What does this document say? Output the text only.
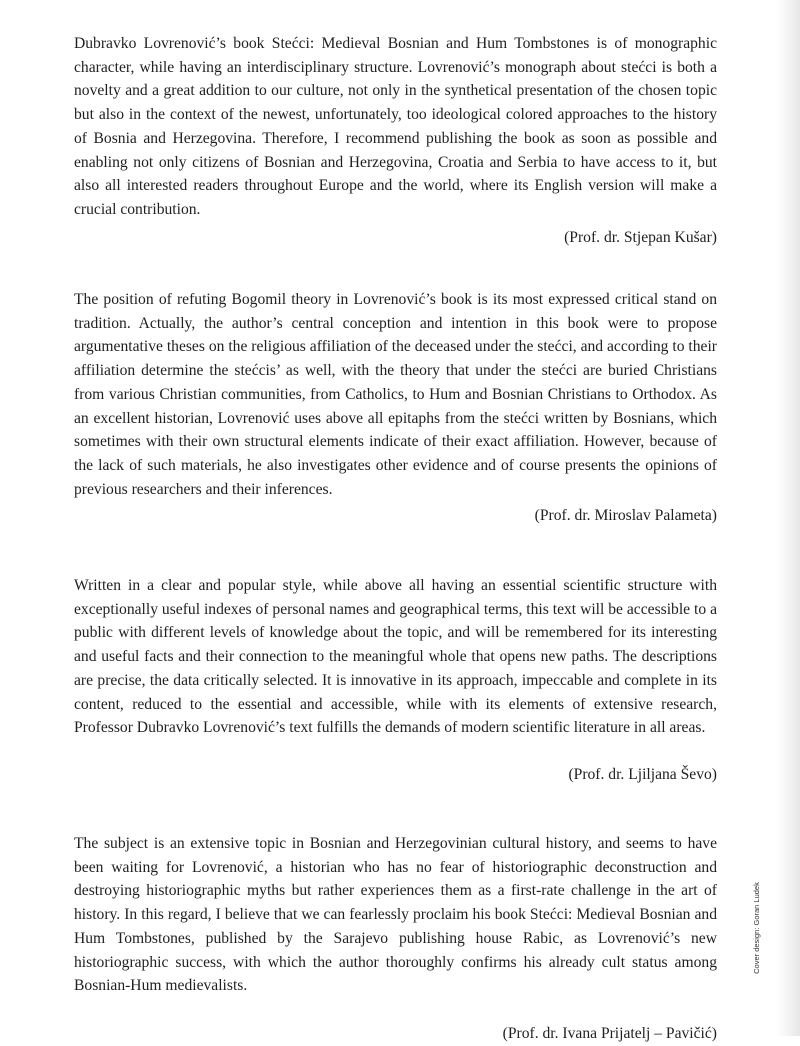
Dubravko Lovrenović’s book Stećci: Medieval Bosnian and Hum Tombstones is of monographic character, while having an interdisciplinary structure. Lovrenović’s monograph about stećci is both a novelty and a great addition to our culture, not only in the synthetical presentation of the chosen topic but also in the context of the newest, unfortunately, too ideological colored approaches to the history of Bosnia and Herzegovina. Therefore, I recommend publishing the book as soon as possible and enabling not only citizens of Bosnian and Herzegovina, Croatia and Serbia to have access to it, but also all interested readers throughout Europe and the world, where its English version will make a crucial contribution.

(Prof. dr. Stjepan Kušar)

The position of refuting Bogomil theory in Lovrenović’s book is its most expressed critical stand on tradition. Actually, the author’s central conception and intention in this book were to propose argumentative theses on the religious affiliation of the deceased under the stećci, and according to their affiliation determine the stećcis’ as well, with the theory that under the stećci are buried Christians from various Christian communities, from Catholics, to Hum and Bosnian Christians to Orthodox. As an excellent historian, Lovrenović uses above all epitaphs from the stećci written by Bosnians, which sometimes with their own structural elements indicate of their exact affiliation. However, because of the lack of such materials, he also investigates other evidence and of course presents the opinions of previous researchers and their inferences.

(Prof. dr. Miroslav Palameta)

Written in a clear and popular style, while above all having an essential scientific structure with exceptionally useful indexes of personal names and geographical terms, this text will be accessible to a public with different levels of knowledge about the topic, and will be remembered for its interesting and useful facts and their connection to the meaningful whole that opens new paths. The descriptions are precise, the data critically selected. It is innovative in its approach, impeccable and complete in its content, reduced to the essential and accessible, while with its elements of extensive research, Professor Dubravko Lovrenović’s text fulfills the demands of modern scientific literature in all areas.

(Prof. dr. Ljiljana Ševo)

The subject is an extensive topic in Bosnian and Herzegovinian cultural history, and seems to have been waiting for Lovrenović, a historian who has no fear of historiographic deconstruction and destroying historiographic myths but rather experiences them as a first-rate challenge in the art of history. In this regard, I believe that we can fearlessly proclaim his book Stećci: Medieval Bosnian and Hum Tombstones, published by the Sarajevo publishing house Rabic, as Lovrenović’s new historiographic success, with which the author thoroughly confirms his already cult status among Bosnian-Hum medievalists.

(Prof. dr. Ivana Prijatelj – Pavičić)

Cover design: Goran Ludek
